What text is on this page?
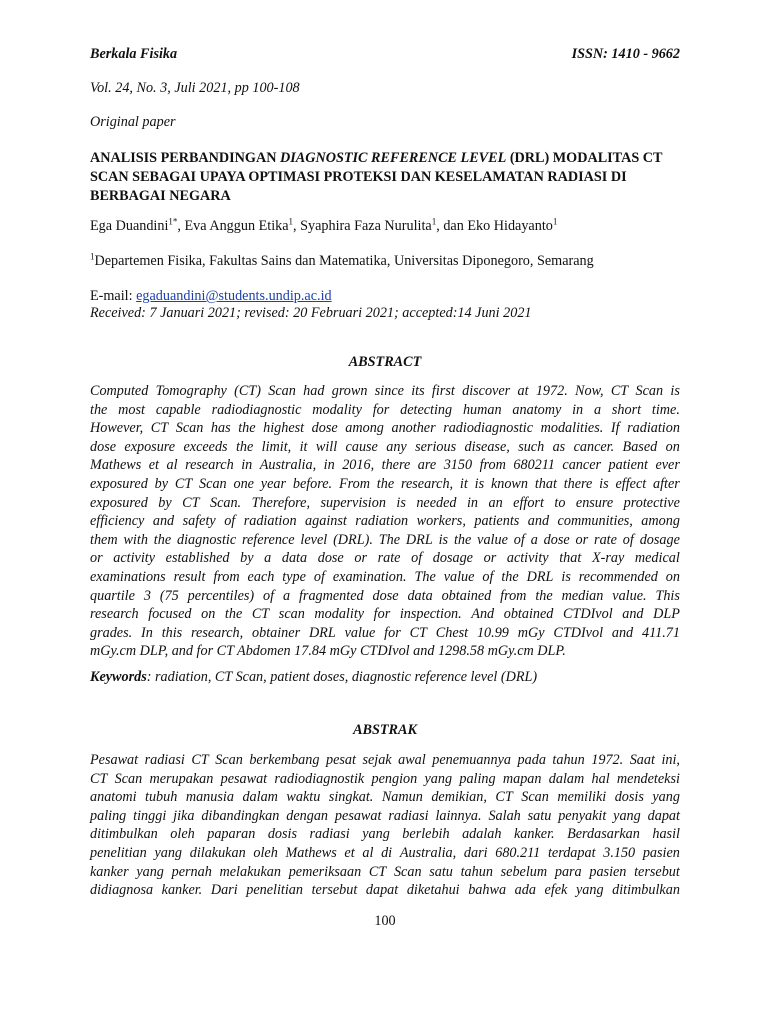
Berkala Fisika	ISSN: 1410 - 9662
Vol. 24, No. 3, Juli 2021, pp 100-108
Original paper
ANALISIS PERBANDINGAN DIAGNOSTIC REFERENCE LEVEL (DRL) MODALITAS CT SCAN SEBAGAI UPAYA OPTIMASI PROTEKSI DAN KESELAMATAN RADIASI DI BERBAGAI NEGARA
Ega Duandini$^{1*}$, Eva Anggun Etika$^1$, Syaphira Faza Nurulita$^1$, dan Eko Hidayanto$^1$
$^1$Departemen Fisika, Fakultas Sains dan Matematika, Universitas Diponegoro, Semarang
E-mail: egaduandini@students.undip.ac.id
Received: 7 Januari 2021; revised: 20 Februari 2021; accepted:14 Juni 2021
ABSTRACT
Computed Tomography (CT) Scan had grown since its first discover at 1972. Now, CT Scan is
the most capable radiodiagnostic modality for detecting human anatomy in a short time.
However, CT Scan has the highest dose among another radiodiagnostic modalities. If radiation
dose exposure exceeds the limit, it will cause any serious disease, such as cancer. Based on
Mathews et al research in Australia, in 2016, there are 3150 from 680211 cancer patient ever
exposured by CT Scan one year before. From the research, it is known that there is effect after
exposured by CT Scan. Therefore, supervision is needed in an effort to ensure protective
efficiency and safety of radiation against radiation workers, patients and communities, among
them with the diagnostic reference level (DRL). The DRL is the value of a dose or rate of dosage
or activity established by a data dose or rate of dosage or activity that X-ray medical
examinations result from each type of examination. The value of the DRL is recommended on
quartile 3 (75 percentiles) of a fragmented dose data obtained from the median value. This
research focused on the CT scan modality for inspection. And obtained CTDIvol and DLP
grades. In this research, obtainer DRL value for CT Chest 10.99 mGy CTDIvol and 411.71
mGy.cm DLP, and for CT Abdomen 17.84 mGy CTDIvol and 1298.58 mGy.cm DLP.
Keywords: radiation, CT Scan, patient doses, diagnostic reference level (DRL)
ABSTRAK
Pesawat radiasi CT Scan berkembang pesat sejak awal penemuannya pada tahun 1972. Saat ini,
CT Scan merupakan pesawat radiodiagnostik pengion yang paling mapan dalam hal mendeteksi
anatomi tubuh manusia dalam waktu singkat. Namun demikian, CT Scan memiliki dosis yang
paling tinggi jika dibandingkan dengan pesawat radiasi lainnya. Salah satu penyakit yang dapat
ditimbulkan oleh paparan dosis radiasi yang berlebih adalah kanker. Berdasarkan hasil
penelitian yang dilakukan oleh Mathews et al di Australia, dari 680.211 terdapat 3.150 pasien
kanker yang pernah melakukan pemeriksaan CT Scan satu tahun sebelum para pasien tersebut
didiagnosa kanker. Dari penelitian tersebut dapat diketahui bahwa ada efek yang ditimbulkan
100
